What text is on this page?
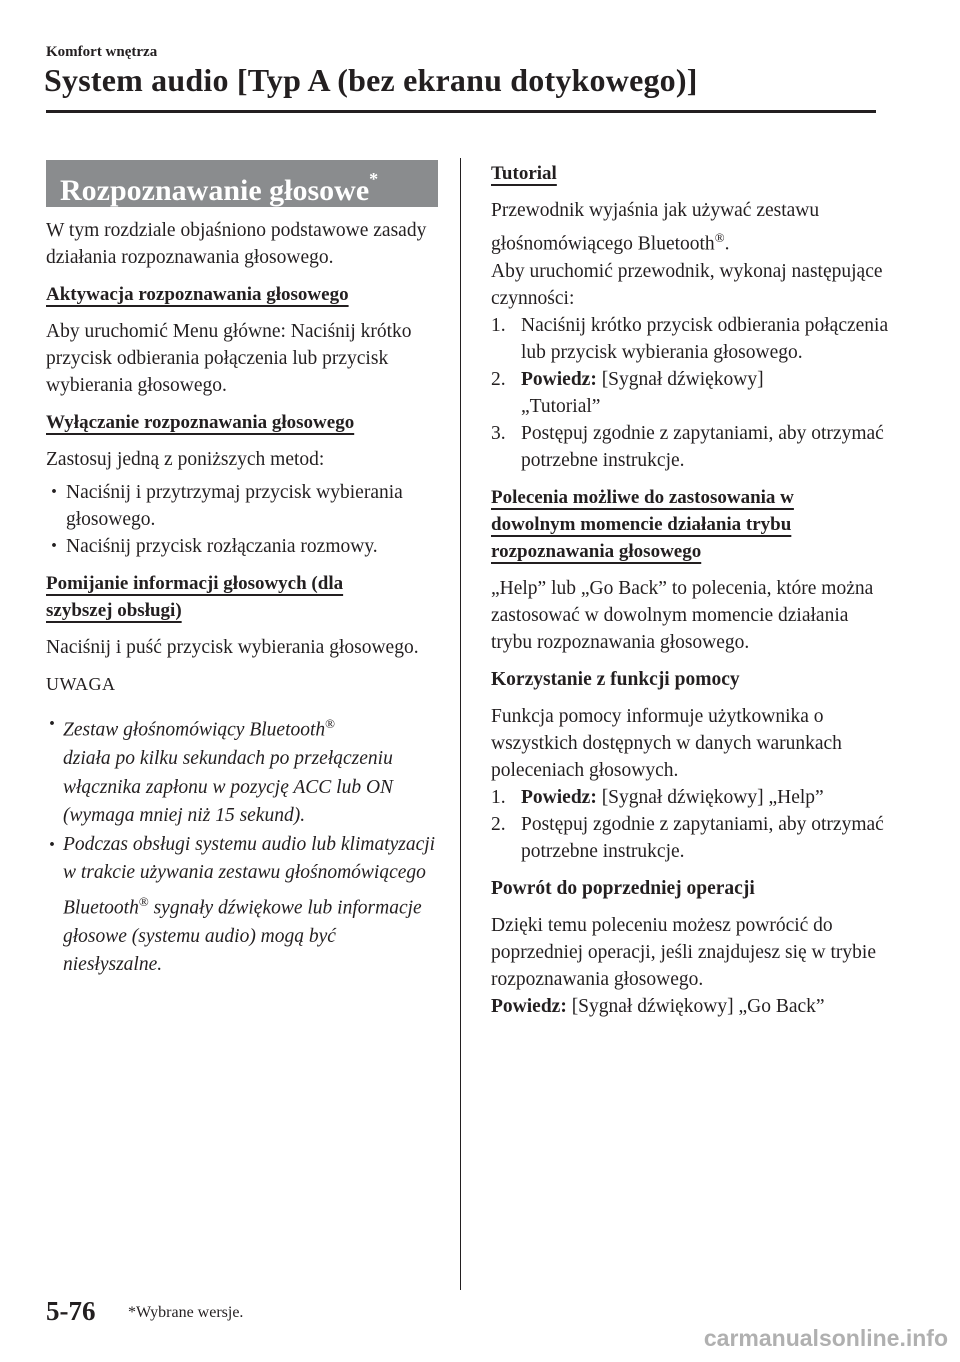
Komfort wnętrza
System audio [Typ A (bez ekranu dotykowego)]
Rozpoznawanie głosowe*

W tym rozdziale objaśniono podstawowe zasady działania rozpoznawania głosowego.

Aktywacja rozpoznawania głosowego

Aby uruchomić Menu główne: Naciśnij krótko przycisk odbierania połączenia lub przycisk wybierania głosowego.

Wyłączanie rozpoznawania głosowego

Zastosuj jedną z poniższych metod:

· Naciśnij i przytrzymaj przycisk wybierania głosowego.
· Naciśnij przycisk rozłączania rozmowy.
Pomijanie informacji głosowych (dla
szybszej obsługi)

Naciśnij i puść przycisk wybierania głosowego.

UWAGA
· Zestaw głośnomówiący Bluetooth®
działa po kilku sekundach po przełączeniu włącznika zapłonu w pozycję ACC lub ON (wymaga mniej niż 15 sekund).
· Podczas obsługi systemu audio lub klimatyzacji w trakcie używania zestawu głośnomówiącego Bluetooth® sygnały dźwiękowe lub informacje głosowe (systemu audio) mogą być niesłyszalne.
Tutorial

Przewodnik wyjaśnia jak używać zestawu głośnomówiącego Bluetooth®.

Aby uruchomić przewodnik, wykonaj następujące czynności:

1. Naciśnij krótko przycisk odbierania połączenia lub przycisk wybierania głosowego.
2. Powiedz: [Sygnał dźwiękowy]
„Tutorial”
3. Postępuj zgodnie z zapytaniami, aby otrzymać potrzebne instrukcje.
Polecenia możliwe do zastosowania w
dowolnym momencie działania trybu
rozpoznawania głosowego

„Help” lub „Go Back” to polecenia, które można zastosować w dowolnym momencie działania trybu rozpoznawania głosowego.

Korzystanie z funkcji pomocy

Funkcja pomocy informuje użytkownika o wszystkich dostępnych w danych warunkach poleceniach głosowych.

1. Powiedz: [Sygnał dźwiękowy] „Help”
2. Postępuj zgodnie z zapytaniami, aby otrzymać potrzebne instrukcje.
Powrót do poprzedniej operacji

Dzięki temu poleceniu możesz powrócić do poprzedniej operacji, jeśli znajdujesz się w trybie rozpoznawania głosowego.

Powiedz: [Sygnał dźwiękowy] „Go Back”

5-76 *Wybrane wersje.
carmanualsonline.info
